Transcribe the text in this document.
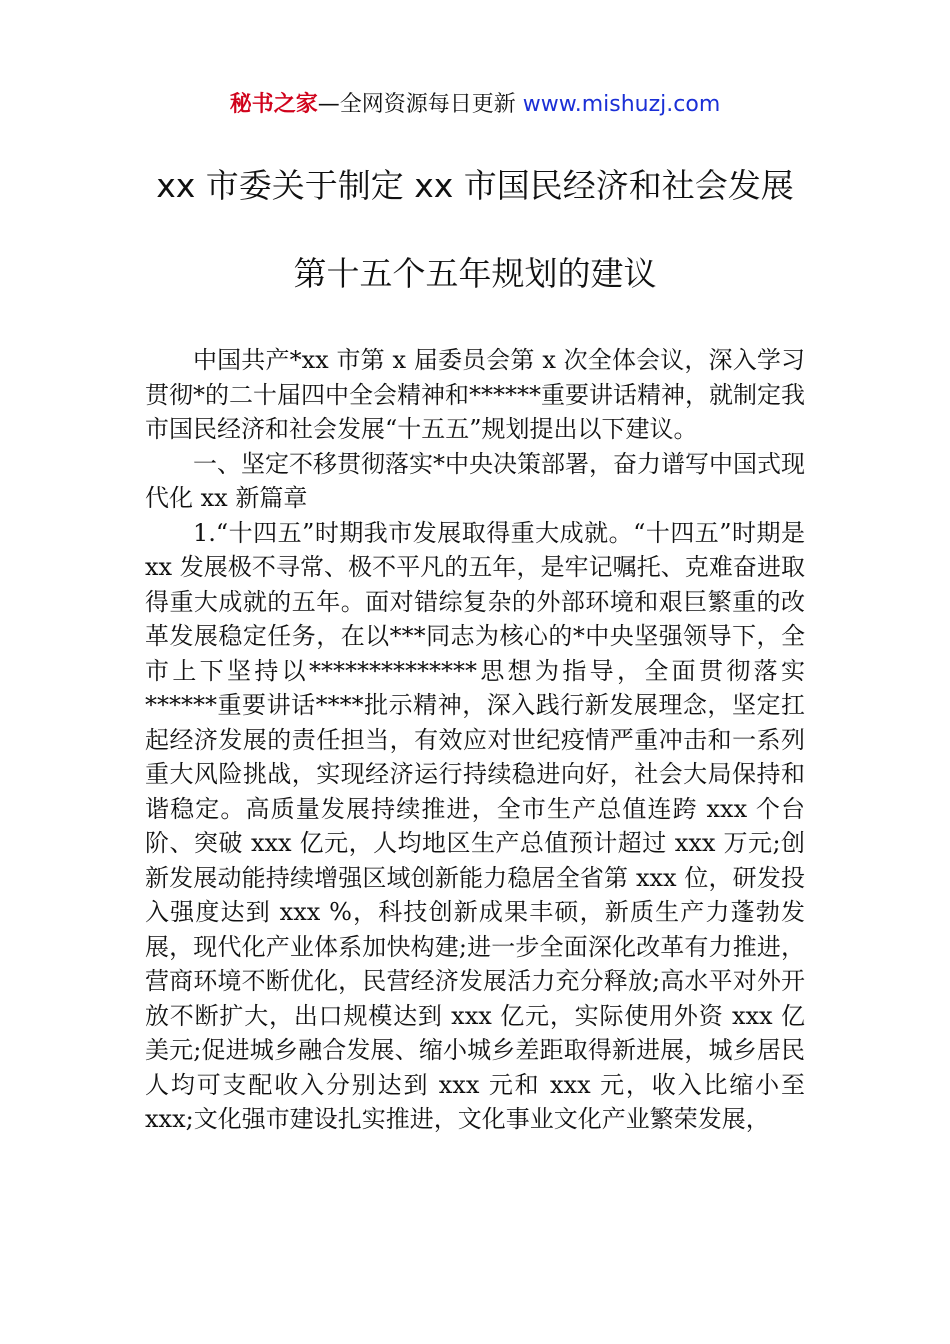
秘书之家—全网资源每日更新 www.mishuzj.com
xx 市委关于制定 xx 市国民经济和社会发展
第十五个五年规划的建议

中国共产*xx 市第 x 届委员会第 x 次全体会议，深入学习贯彻*的二十届四中全会精神和******重要讲话精神，就制定我市国民经济和社会发展“十五五”规划提出以下建议。

一、坚定不移贯彻落实*中央决策部署，奋力谱写中国式现代化 xx 新篇章

1.“十四五”时期我市发展取得重大成就。“十四五”时期是 xx 发展极不寻常、极不平凡的五年，是牢记嘱托、克难奋进取得重大成就的五年。面对错综复杂的外部环境和艰巨繁重的改革发展稳定任务，在以***同志为核心的*中央坚强领导下，全市上下坚持以**************思想为指导，全面贯彻落实******重要讲话****批示精神，深入践行新发展理念，坚定扛起经济发展的责任担当，有效应对世纪疫情严重冲击和一系列重大风险挑战，实现经济运行持续稳进向好，社会大局保持和谐稳定。高质量发展持续推进，全市生产总值连跨 xxx 个台阶、突破 xxx 亿元，人均地区生产总值预计超过 xxx 万元;创新发展动能持续增强区域创新能力稳居全省第 xxx 位，研发投入强度达到 xxx %，科技创新成果丰硕，新质生产力蓬勃发展，现代化产业体系加快构建;进一步全面深化改革有力推进，营商环境不断优化，民营经济发展活力充分释放;高水平对外开放不断扩大，出口规模达到 xxx 亿元，实际使用外资 xxx 亿美元;促进城乡融合发展、缩小城乡差距取得新进展，城乡居民人均可支配收入分别达到 xxx 元和 xxx 元，收入比缩小至 xxx;文化强市建设扎实推进，文化事业文化产业繁荣发展，
